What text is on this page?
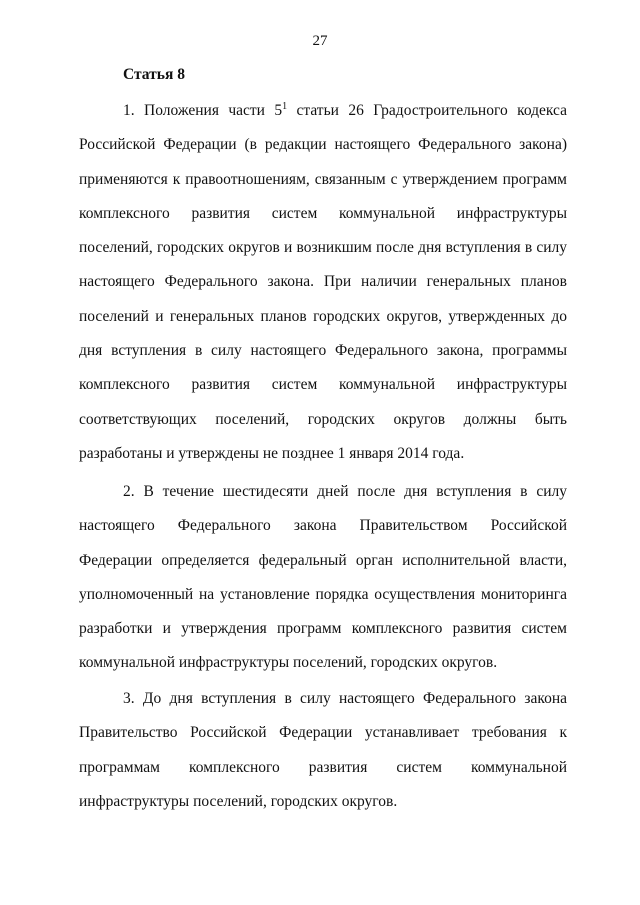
27
Статья 8

1. Положения части $5^1$ статьи 26 Градостроительного кодекса Российской Федерации (в редакции настоящего Федерального закона) применяются к правоотношениям, связанным с утверждением программ комплексного развития систем коммунальной инфраструктуры поселений, городских округов и возникшим после дня вступления в силу настоящего Федерального закона. При наличии генеральных планов поселений и генеральных планов городских округов, утвержденных до дня вступления в силу настоящего Федерального закона, программы комплексного развития систем коммунальной инфраструктуры соответствующих поселений, городских округов должны быть разработаны и утверждены не позднее 1 января 2014 года.

2. В течение шестидесяти дней после дня вступления в силу настоящего Федерального закона Правительством Российской Федерации определяется федеральный орган исполнительной власти, уполномоченный на установление порядка осуществления мониторинга разработки и утверждения программ комплексного развития систем коммунальной инфраструктуры поселений, городских округов.

3. До дня вступления в силу настоящего Федерального закона Правительство Российской Федерации устанавливает требования к программам комплексного развития систем коммунальной инфраструктуры поселений, городских округов.
